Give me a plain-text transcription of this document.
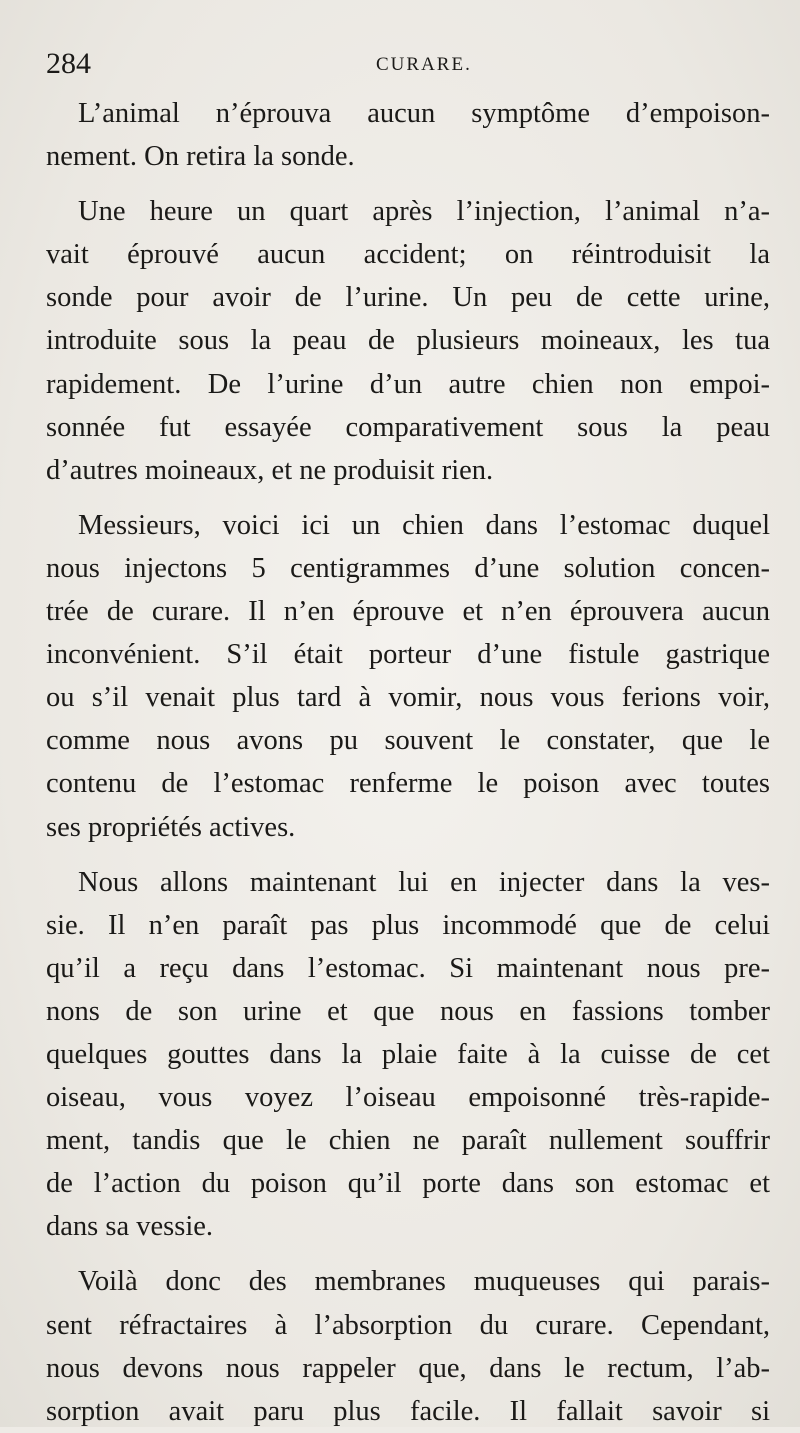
284	CURARE.
L’animal n’éprouva aucun symptôme d’empoison-
nement. On retira la sonde.
Une heure un quart après l’injection, l’animal n’a-
vait éprouvé aucun accident; on réintroduisit la
sonde pour avoir de l’urine. Un peu de cette urine,
introduite sous la peau de plusieurs moineaux, les tua
rapidement. De l’urine d’un autre chien non empoi-
sonnée fut essayée comparativement sous la peau
d’autres moineaux, et ne produisit rien.
Messieurs, voici ici un chien dans l’estomac duquel
nous injectons 5 centigrammes d’une solution concen-
trée de curare. Il n’en éprouve et n’en éprouvera aucun
inconvénient. S’il était porteur d’une fistule gastrique
ou s’il venait plus tard à vomir, nous vous ferions voir,
comme nous avons pu souvent le constater, que le
contenu de l’estomac renferme le poison avec toutes
ses propriétés actives.
Nous allons maintenant lui en injecter dans la ves-
sie. Il n’en paraît pas plus incommodé que de celui
qu’il a reçu dans l’estomac. Si maintenant nous pre-
nons de son urine et que nous en fassions tomber
quelques gouttes dans la plaie faite à la cuisse de cet
oiseau, vous voyez l’oiseau empoisonné très-rapide-
ment, tandis que le chien ne paraît nullement souffrir
de l’action du poison qu’il porte dans son estomac et
dans sa vessie.
Voilà donc des membranes muqueuses qui parais-
sent réfractaires à l’absorption du curare. Cependant,
nous devons nous rappeler que, dans le rectum, l’ab-
sorption avait paru plus facile. Il fallait savoir si
